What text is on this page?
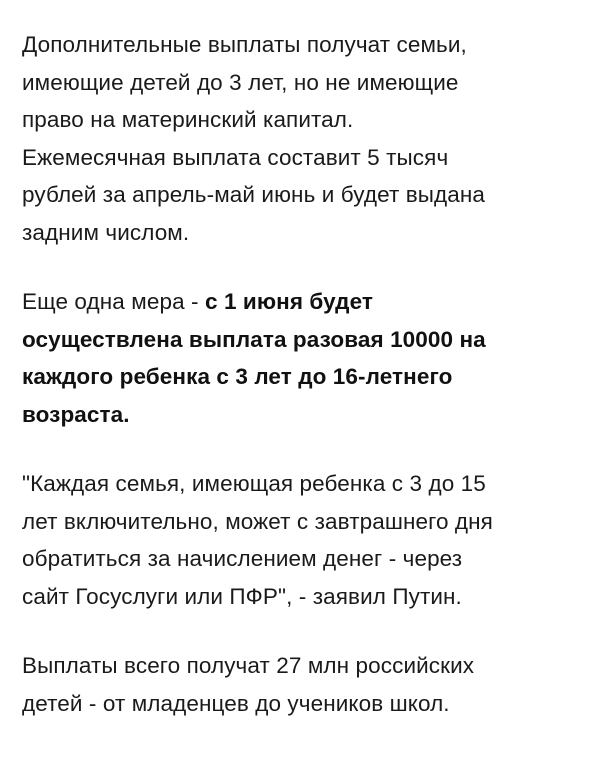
Дополнительные выплаты получат семьи,
имеющие детей до 3 лет, но не имеющие
право на материнский капитал.
Ежемесячная выплата составит 5 тысяч
рублей за апрель-май июнь и будет выдана
задним числом.

Еще одна мера - с 1 июня будет
осуществлена выплата разовая 10000 на
каждого ребенка с 3 лет до 16-летнего
возраста.

"Каждая семья, имеющая ребенка с 3 до 15
лет включительно, может с завтрашнего дня
обратиться за начислением денег - через
сайт Госуслуги или ПФР", - заявил Путин.

Выплаты всего получат 27 млн российских
детей - от младенцев до учеников школ.
